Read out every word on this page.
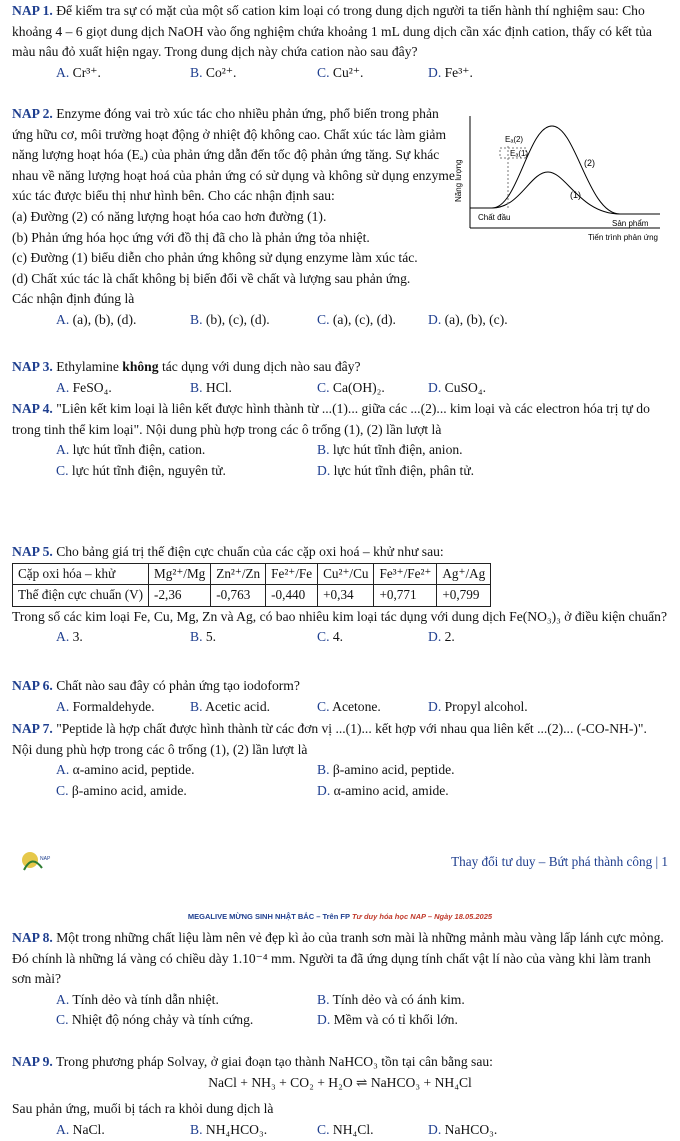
NAP 1. Để kiếm tra sự có mặt của một số cation kim loại có trong dung dịch người ta tiến hành thí nghiệm sau: Cho khoảng 4 – 6 giọt dung dịch NaOH vào ống nghiệm chứa khoảng 1 mL dung dịch cần xác định cation, thấy có kết tủa màu nâu đỏ xuất hiện ngay. Trong dung dịch này chứa cation nào sau đây?
A. Cr³⁺.	B. Co²⁺.	C. Cu²⁺.	D. Fe³⁺.
NAP 2. Enzyme đóng vai trò xúc tác cho nhiều phản ứng, phổ biến trong phản ứng hữu cơ, môi trường hoạt động ở nhiệt độ không cao. Chất xúc tác làm giảm năng lượng hoạt hóa (Eₐ) của phản ứng dẫn đến tốc độ phản ứng tăng. Sự khác nhau về năng lượng hoạt hoá của phản ứng có sử dụng và không sử dụng enzyme xúc tác được biểu thị như hình bên. Cho các nhận định sau:
(a) Đường (2) có năng lượng hoạt hóa cao hơn đường (1).
(b) Phản ứng hóa học ứng với đồ thị đã cho là phản ứng tỏa nhiệt.
(c) Đường (1) biểu diễn cho phản ứng không sử dụng enzyme làm xúc tác.
(d) Chất xúc tác là chất không bị biến đổi về chất và lượng sau phản ứng.
Các nhận định đúng là
A. (a), (b), (d).	B. (b), (c), (d).	C. (a), (c), (d). D. (a), (b), (c).
Năng lượng
Eₐ(2)
Eₐ(1)
(2)
(1)
Chất đầu
Sản phẩm
Tiến trình phản ứng
NAP 3. Ethylamine không tác dụng với dung dịch nào sau đây?
A. FeSO₄.	B. HCl.	C. Ca(OH)₂.	D. CuSO₄.
NAP 4. "Liên kết kim loại là liên kết được hình thành từ ...(1)... giữa các ...(2)... kim loại và các electron hóa trị tự do trong tinh thể kim loại". Nội dung phù hợp trong các ô trống (1), (2) lần lượt là
A. lực hút tĩnh điện, cation.	B. lực hút tĩnh điện, anion.
C. lực hút tĩnh điện, nguyên tử.	D. lực hút tĩnh điện, phân tử.
NAP 5. Cho bảng giá trị thế điện cực chuẩn của các cặp oxi hoá – khử như sau:
Cặp oxi hóa – khử	Mg²⁺/Mg	Zn²⁺/Zn	Fe²⁺/Fe	Cu²⁺/Cu	Fe³⁺/Fe²⁺	Ag⁺/Ag
Thế điện cực chuẩn (V)	-2,36	-0,763	-0,440	+0,34	+0,771	+0,799
Trong số các kim loại Fe, Cu, Mg, Zn và Ag, có bao nhiêu kim loại tác dụng với dung dịch Fe(NO₃)₃ ở điều kiện chuẩn?
A. 3.	B. 5.	C. 4.	D. 2.
NAP 6. Chất nào sau đây có phản ứng tạo iodoform?
A. Formaldehyde.	B. Acetic acid.	C. Acetone.	D. Propyl alcohol.
NAP 7. "Peptide là hợp chất được hình thành từ các đơn vị ...(1)... kết hợp với nhau qua liên kết ...(2)... (-CO-NH-)". Nội dung phù hợp trong các ô trống (1), (2) lần lượt là
A. α-amino acid, peptide.	B. β-amino acid, peptide.
C. β-amino acid, amide.	D. α-amino acid, amide.
NAP	Thay đổi tư duy – Bứt phá thành công | 1
MEGALIVE MỪNG SINH NHẬT BẮC – Trên FP Tư duy hóa học NAP – Ngày 18.05.2025
NAP 8. Một trong những chất liệu làm nên vẻ đẹp kì ảo của tranh sơn mài là những mảnh màu vàng lấp lánh cực mỏng. Đó chính là những lá vàng có chiều dày 1.10⁻⁴ mm. Người ta đã ứng dụng tính chất vật lí nào của vàng khi làm tranh sơn mài?
A. Tính dẻo và tính dẫn nhiệt.	B. Tính dẻo và có ánh kim.
C. Nhiệt độ nóng chảy và tính cứng.	D. Mềm và có tỉ khối lớn.
NAP 9. Trong phương pháp Solvay, ở giai đoạn tạo thành NaHCO₃ tồn tại cân bằng sau:
NaCl + NH₃ + CO₂ + H₂O ⇌ NaHCO₃ + NH₄Cl
Sau phản ứng, muối bị tách ra khỏi dung dịch là
A. NaCl.	B. NH₄HCO₃.	C. NH₄Cl.	D. NaHCO₃.
